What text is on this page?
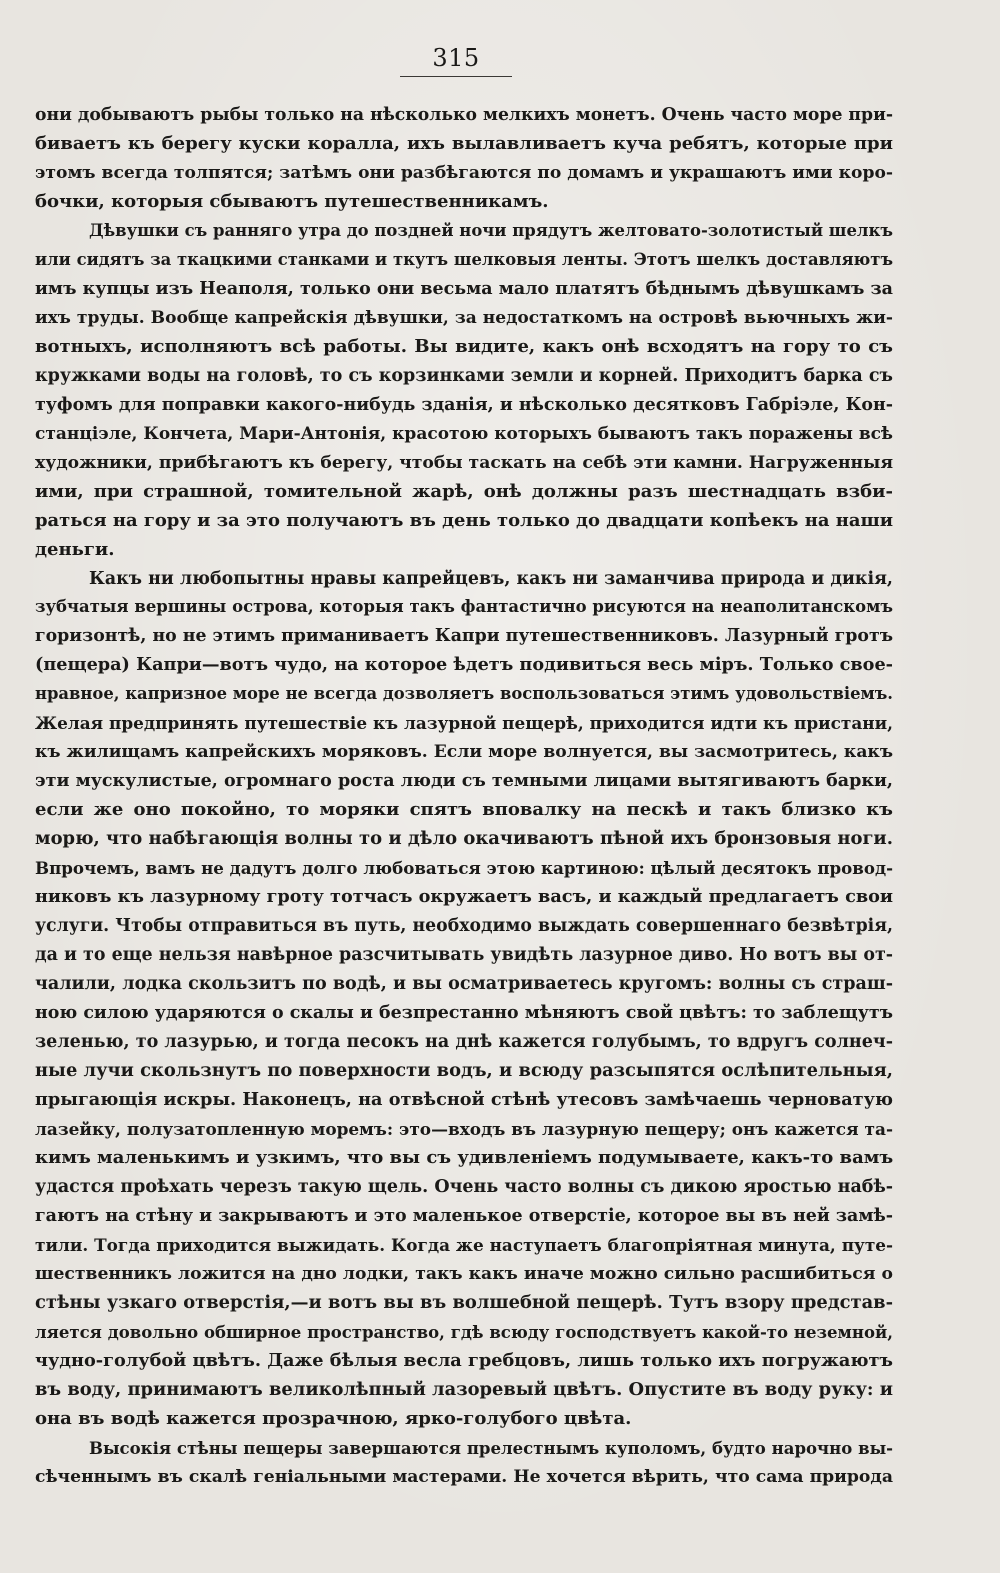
315
они добываютъ рыбы только на нѣсколько мелкихъ монетъ. Очень часто море при-
биваетъ къ берегу куски коралла, ихъ вылавливаетъ куча ребятъ, которые при
этомъ всегда толпятся; затѣмъ они разбѣгаются по домамъ и украшаютъ ими коро-
бочки, которыя сбываютъ путешественникамъ.
Дѣвушки съ ранняго утра до поздней ночи прядутъ желтовато-золотистый шелкъ
или сидятъ за ткацкими станками и ткутъ шелковыя ленты. Этотъ шелкъ доставляютъ
имъ купцы изъ Неаполя, только они весьма мало платятъ бѣднымъ дѣвушкамъ за
ихъ труды. Вообще капрейскія дѣвушки, за недостаткомъ на островѣ вьючныхъ жи-
вотныхъ, исполняютъ всѣ работы. Вы видите, какъ онѣ всходятъ на гору то съ
кружками воды на головѣ, то съ корзинками земли и корней. Приходитъ барка съ
туфомъ для поправки какого-нибудь зданія, и нѣсколько десятковъ Габріэле, Кон-
станціэле, Кончета, Мари-Антонія, красотою которыхъ бываютъ такъ поражены всѣ
художники, прибѣгаютъ къ берегу, чтобы таскать на себѣ эти камни. Нагруженныя
ими, при страшной, томительной жарѣ, онѣ должны разъ шестнадцать взби-
раться на гору и за это получаютъ въ день только до двадцати копѣекъ на наши
деньги.
Какъ ни любопытны нравы капрейцевъ, какъ ни заманчива природа и дикія,
зубчатыя вершины острова, которыя такъ фантастично рисуются на неаполитанскомъ
горизонтѣ, но не этимъ приманиваетъ Капри путешественниковъ. Лазурный гротъ
(пещера) Капри—вотъ чудо, на которое ѣдетъ подивиться весь міръ. Только свое-
нравное, капризное море не всегда дозволяетъ воспользоваться этимъ удовольствіемъ.
Желая предпринять путешествіе къ лазурной пещерѣ, приходится идти къ пристани,
къ жилищамъ капрейскихъ моряковъ. Если море волнуется, вы засмотритесь, какъ
эти мускулистые, огромнаго роста люди съ темными лицами вытягиваютъ барки,
если же оно покойно, то моряки спятъ вповалку на пескѣ и такъ близко къ
морю, что набѣгающія волны то и дѣло окачиваютъ пѣной ихъ бронзовыя ноги.
Впрочемъ, вамъ не дадутъ долго любоваться этою картиною: цѣлый десятокъ провод-
никовъ къ лазурному гроту тотчасъ окружаетъ васъ, и каждый предлагаетъ свои
услуги. Чтобы отправиться въ путь, необходимо выждать совершеннаго безвѣтрія,
да и то еще нельзя навѣрное разсчитывать увидѣть лазурное диво. Но вотъ вы от-
чалили, лодка скользитъ по водѣ, и вы осматриваетесь кругомъ: волны съ страш-
ною силою ударяются о скалы и безпрестанно мѣняютъ свой цвѣтъ: то заблещутъ
зеленью, то лазурью, и тогда песокъ на днѣ кажется голубымъ, то вдругъ солнеч-
ные лучи скользнутъ по поверхности водъ, и всюду разсыпятся ослѣпительныя,
прыгающія искры. Наконецъ, на отвѣсной стѣнѣ утесовъ замѣчаешь черноватую
лазейку, полузатопленную моремъ: это—входъ въ лазурную пещеру; онъ кажется та-
кимъ маленькимъ и узкимъ, что вы съ удивленіемъ подумываете, какъ-то вамъ
удастся проѣхать черезъ такую щель. Очень часто волны съ дикою яростью набѣ-
гаютъ на стѣну и закрываютъ и это маленькое отверстіе, которое вы въ ней замѣ-
тили. Тогда приходится выжидать. Когда же наступаетъ благопріятная минута, путе-
шественникъ ложится на дно лодки, такъ какъ иначе можно сильно расшибиться о
стѣны узкаго отверстія,—и вотъ вы въ волшебной пещерѣ. Тутъ взору представ-
ляется довольно обширное пространство, гдѣ всюду господствуетъ какой-то неземной,
чудно-голубой цвѣтъ. Даже бѣлыя весла гребцовъ, лишь только ихъ погружаютъ
въ воду, принимаютъ великолѣпный лазоревый цвѣтъ. Опустите въ воду руку: и
она въ водѣ кажется прозрачною, ярко-голубого цвѣта.
Высокія стѣны пещеры завершаются прелестнымъ куполомъ, будто нарочно вы-
сѣченнымъ въ скалѣ геніальными мастерами. Не хочется вѣрить, что сама природа
